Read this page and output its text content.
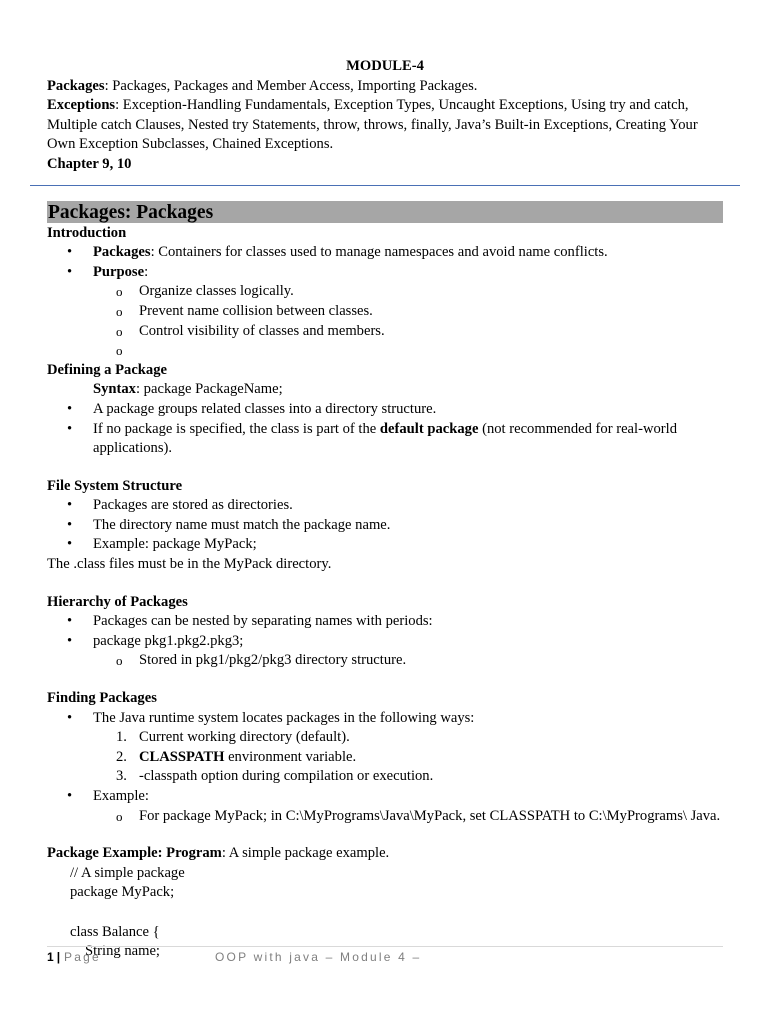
MODULE-4
Packages: Packages, Packages and Member Access, Importing Packages.
Exceptions: Exception-Handling Fundamentals, Exception Types, Uncaught Exceptions, Using try and catch, Multiple catch Clauses, Nested try Statements, throw, throws, finally, Java’s Built-in Exceptions, Creating Your Own Exception Subclasses, Chained Exceptions.
Chapter 9, 10
Packages: Packages
Introduction
• Packages: Containers for classes used to manage namespaces and avoid name conflicts.
• Purpose:
o Organize classes logically.
o Prevent name collision between classes.
o Control visibility of classes and members.
o
Defining a Package
Syntax: package PackageName;
• A package groups related classes into a directory structure.
• If no package is specified, the class is part of the default package (not recommended for real-world applications).
File System Structure
• Packages are stored as directories.
• The directory name must match the package name.
• Example: package MyPack;
The .class files must be in the MyPack directory.
Hierarchy of Packages
• Packages can be nested by separating names with periods:
• package pkg1.pkg2.pkg3;
o Stored in pkg1/pkg2/pkg3 directory structure.
Finding Packages
• The Java runtime system locates packages in the following ways:
1. Current working directory (default).
2. CLASSPATH environment variable.
3. -classpath option during compilation or execution.
• Example:
o For package MyPack; in C:\MyPrograms\Java\MyPack, set CLASSPATH to C:\MyPrograms\ Java.
Package Example: Program: A simple package example.
// A simple package
package MyPack;
class Balance {
String name;
1 | Page	OOP with java – Module 4 –
